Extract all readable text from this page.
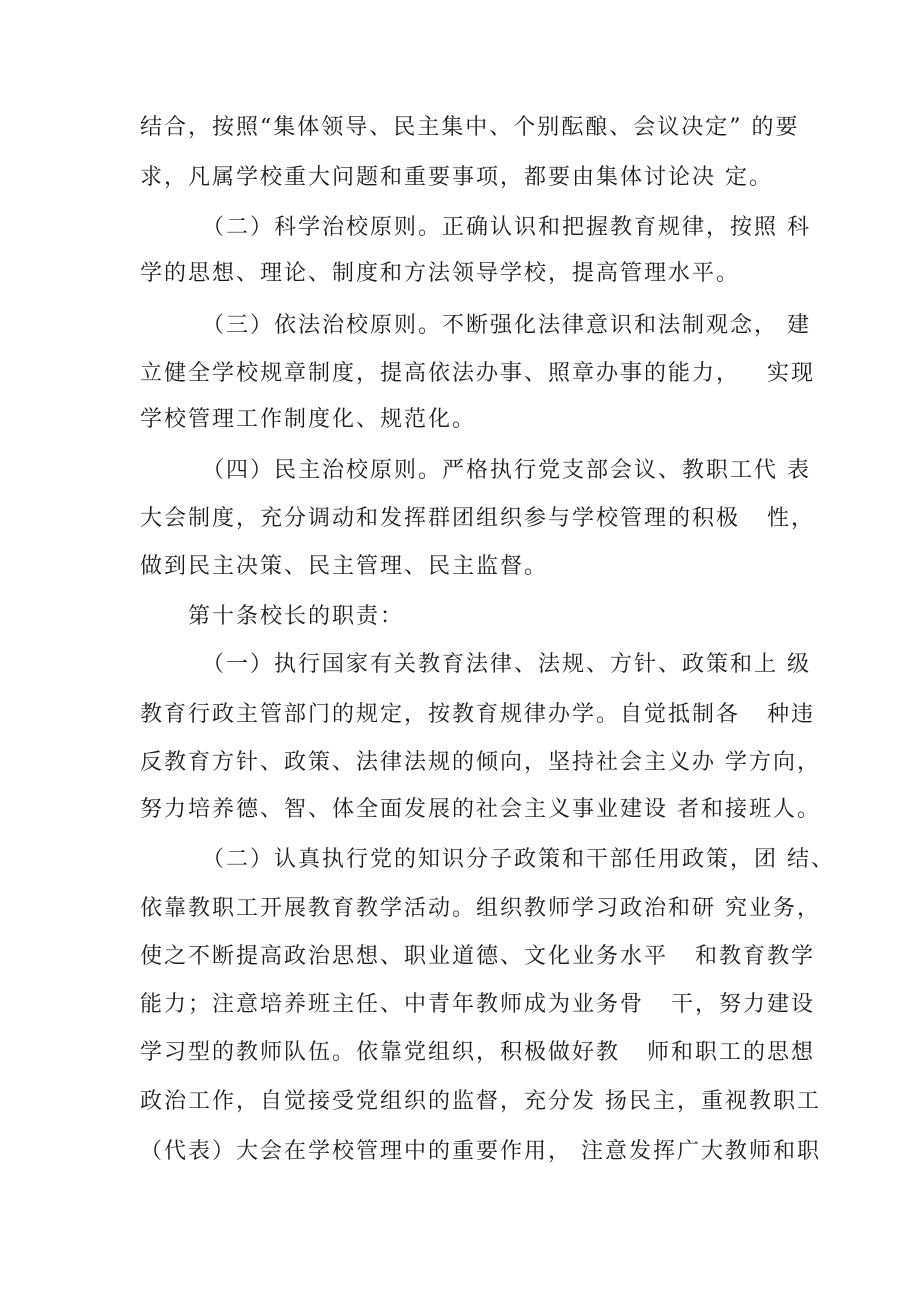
结合，按照“集体领导、民主集中、个别酝酿、会议决定” 的要
求，凡属学校重大问题和重要事项，都要由集体讨论决 定。
（二）科学治校原则。正确认识和把握教育规律，按照 科
学的思想、理论、制度和方法领导学校，提高管理水平。
（三）依法治校原则。不断强化法律意识和法制观念， 建
立健全学校规章制度，提高依法办事、照章办事的能力，   实现
学校管理工作制度化、规范化。
（四）民主治校原则。严格执行党支部会议、教职工代 表
大会制度，充分调动和发挥群团组织参与学校管理的积极   性，
做到民主决策、民主管理、民主监督。
第十条校长的职责：
（一）执行国家有关教育法律、法规、方针、政策和上 级
教育行政主管部门的规定，按教育规律办学。自觉抵制各   种违
反教育方针、政策、法律法规的倾向，坚持社会主义办 学方向，
努力培养德、智、体全面发展的社会主义事业建设 者和接班人。
（二）认真执行党的知识分子政策和干部任用政策，团 结、
依靠教职工开展教育教学活动。组织教师学习政治和研 究业务，
使之不断提高政治思想、职业道德、文化业务水平   和教育教学
能力；注意培养班主任、中青年教师成为业务骨   干，努力建设
学习型的教师队伍。依靠党组织，积极做好教   师和职工的思想
政治工作，自觉接受党组织的监督，充分发 扬民主，重视教职工
（代表）大会在学校管理中的重要作用， 注意发挥广大教师和职
